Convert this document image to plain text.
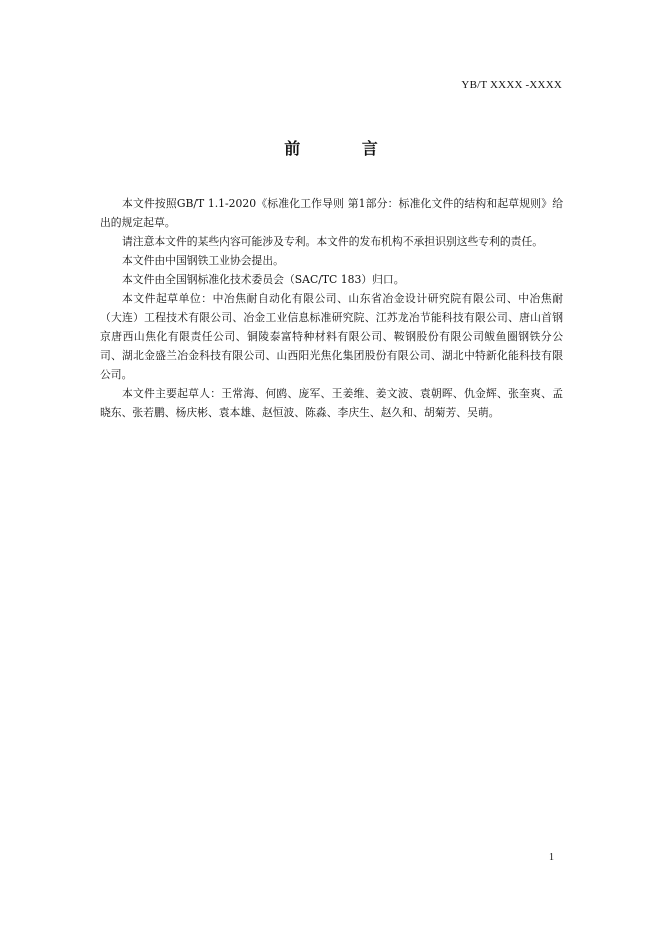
YB/T XXXX -XXXX
前 言

本文件按照GB/T 1.1-2020《标准化工作导则 第1部分：标准化文件的结构和起草规则》给出的规定起草。

请注意本文件的某些内容可能涉及专利。本文件的发布机构不承担识别这些专利的责任。

本文件由中国钢铁工业协会提出。

本文件由全国钢标准化技术委员会（SAC/TC 183）归口。

本文件起草单位：中冶焦耐自动化有限公司、山东省冶金设计研究院有限公司、中冶焦耐（大连）工程技术有限公司、冶金工业信息标准研究院、江苏龙冶节能科技有限公司、唐山首钢京唐西山焦化有限责任公司、铜陵泰富特种材料有限公司、鞍钢股份有限公司鲅鱼圈钢铁分公司、湖北金盛兰冶金科技有限公司、山西阳光焦化集团股份有限公司、湖北中特新化能科技有限公司。

本文件主要起草人：王常海、何鸥、庞军、王姜维、姜文波、袁朝晖、仇金辉、张奎爽、孟晓东、张若鹏、杨庆彬、袁本雄、赵恒波、陈淼、李庆生、赵久和、胡菊芳、吴萌。

1
